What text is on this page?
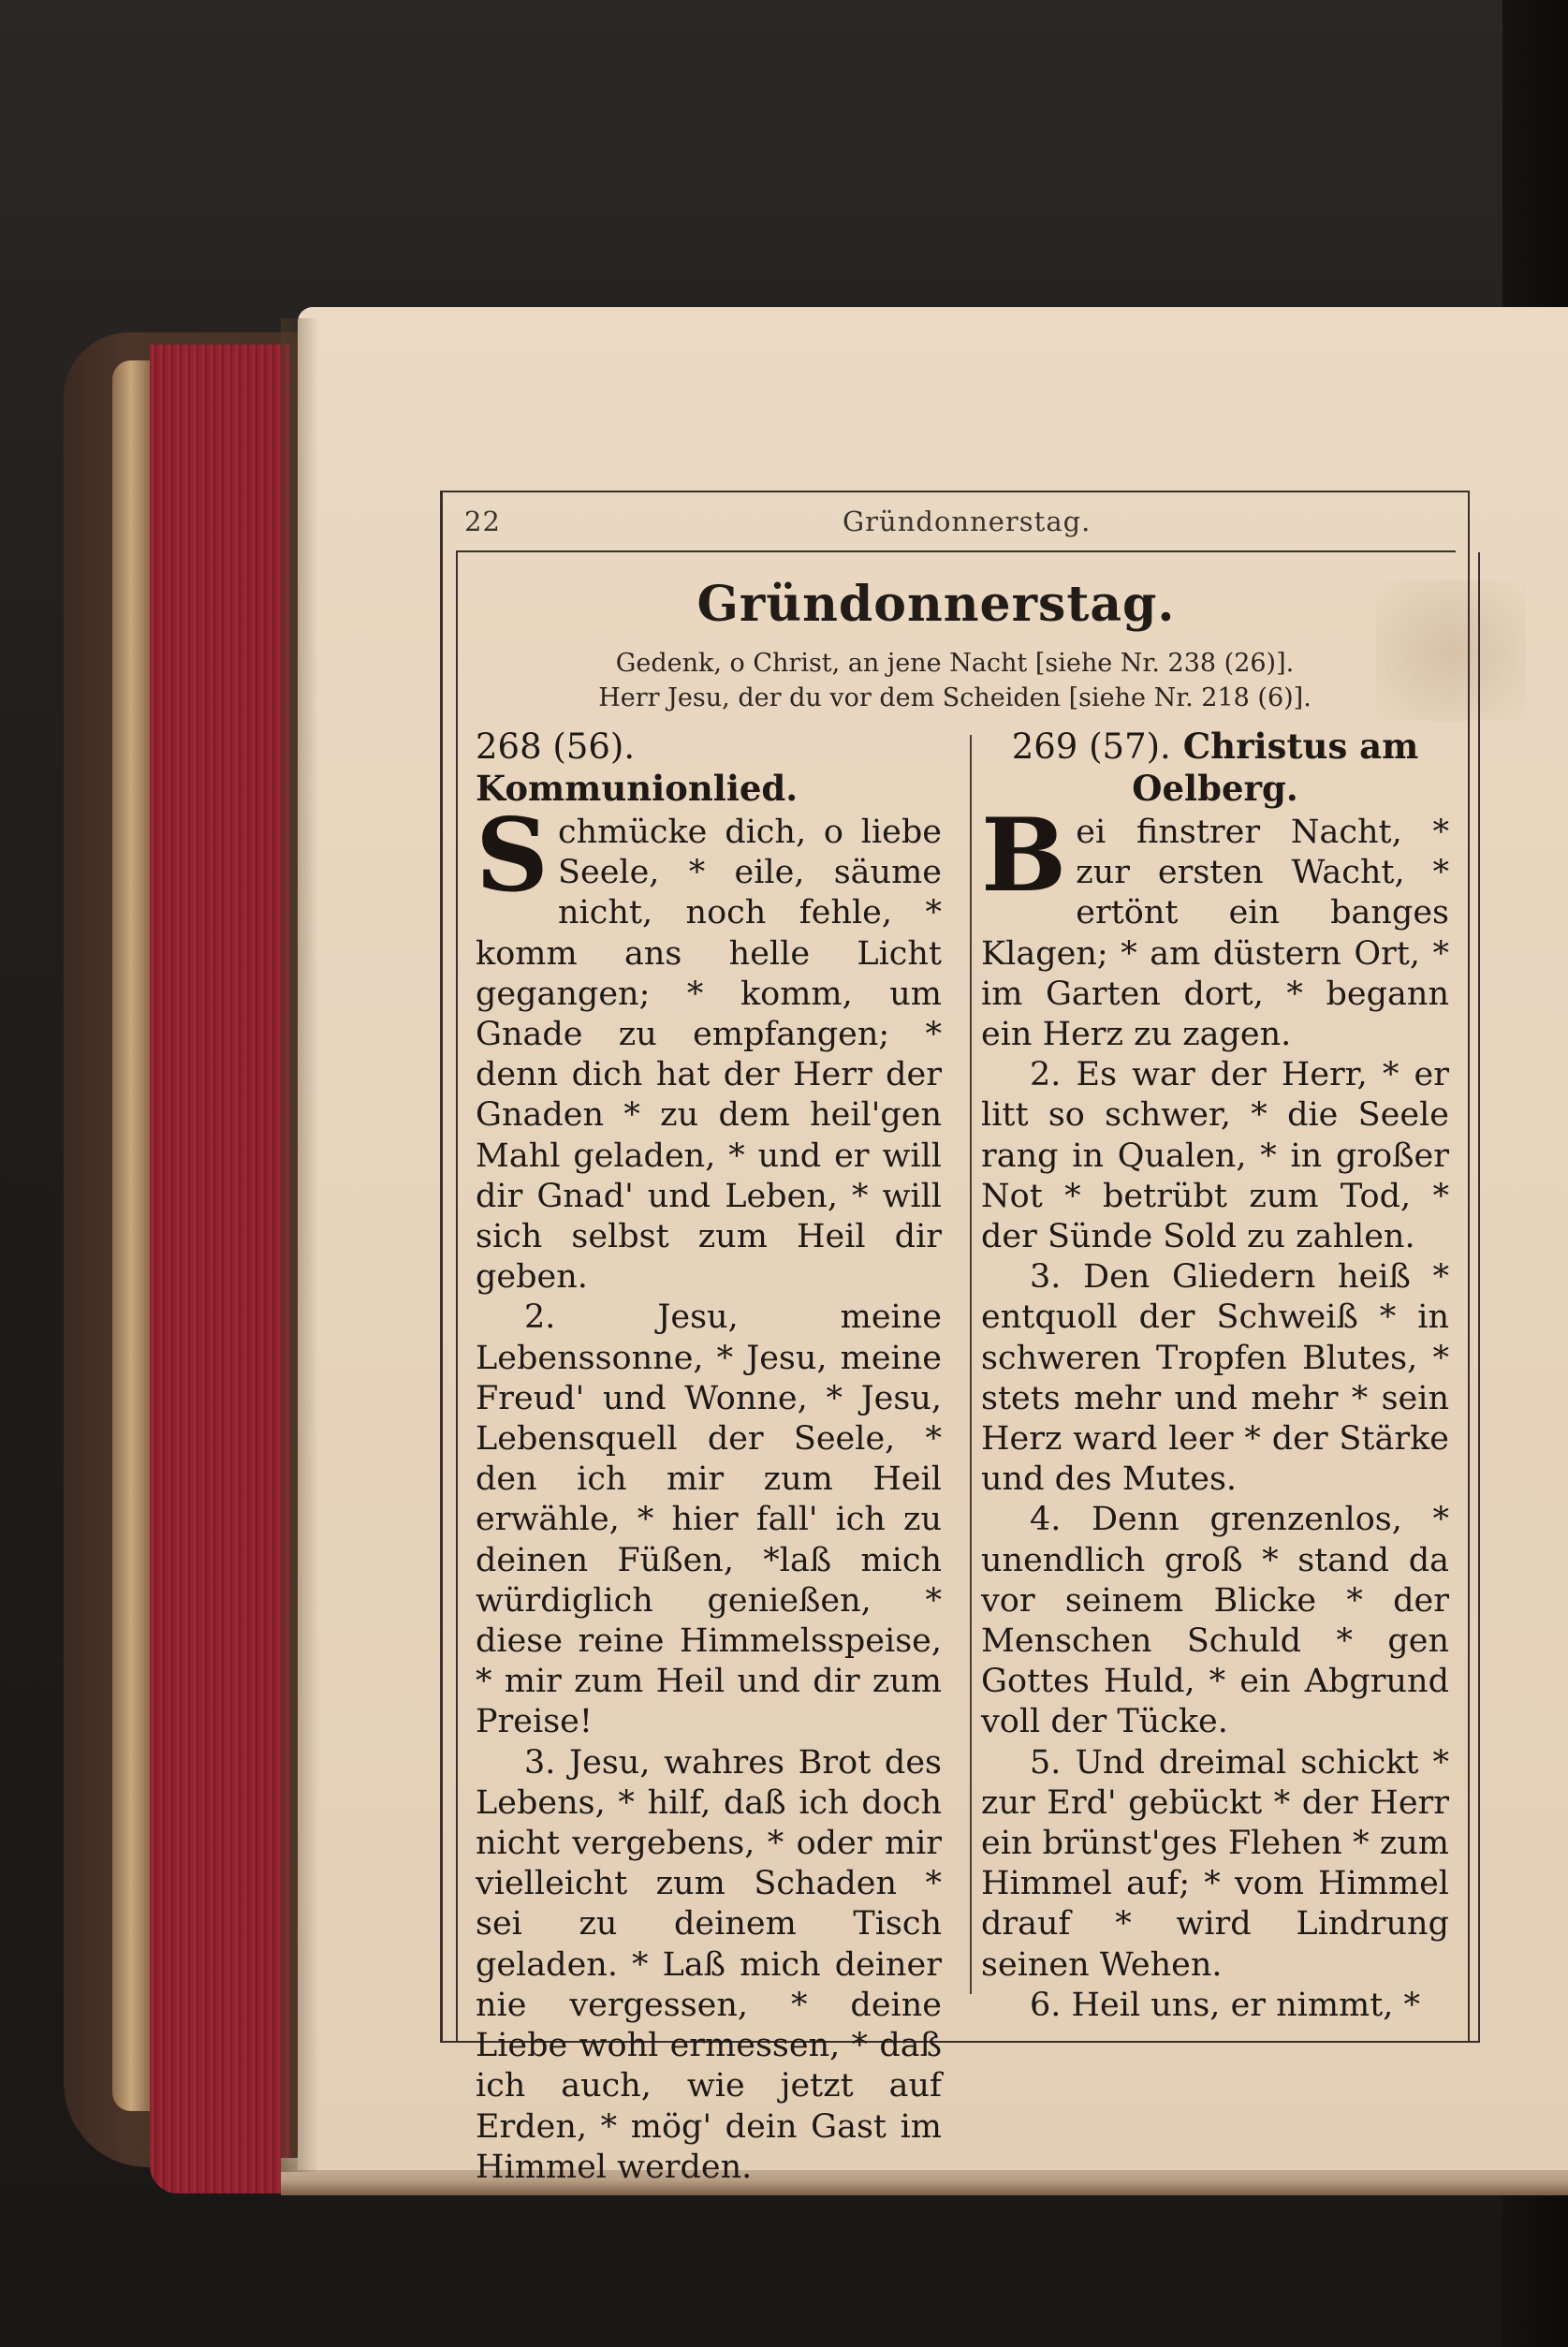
22	Gründonnerstag.
Gründonnerstag.
Gedenk, o Christ, an jene Nacht [siehe Nr. 238 (26)].
Herr Jesu, der du vor dem Scheiden [siehe Nr. 218 (6)].
268 (56). Kommunionlied.

Schmücke dich, o liebe Seele, * eile, säume nicht, noch fehle, * komm ans helle Licht gegangen; * komm, um Gnade zu empfangen; * denn dich hat der Herr der Gnaden * zu dem heil'gen Mahl geladen, * und er will dir Gnad' und Leben, * will sich selbst zum Heil dir geben.

2. Jesu, meine Lebenssonne, * Jesu, meine Freud' und Wonne, * Jesu, Lebensquell der Seele, * den ich mir zum Heil erwähle, * hier fall' ich zu deinen Füßen, *laß mich würdiglich genießen, * diese reine Himmelsspeise, * mir zum Heil und dir zum Preise!

3. Jesu, wahres Brot des Lebens, * hilf, daß ich doch nicht vergebens, * oder mir vielleicht zum Schaden * sei zu deinem Tisch geladen. * Laß mich deiner nie vergessen, * deine Liebe wohl ermessen, * daß ich auch, wie jetzt auf Erden, * mög' dein Gast im Himmel werden.

269 (57). Christus am Oelberg.

Bei finstrer Nacht, * zur ersten Wacht, * ertönt ein banges Klagen; * am düstern Ort, * im Garten dort, * begann ein Herz zu zagen.

2. Es war der Herr, * er litt so schwer, * die Seele rang in Qualen, * in großer Not * betrübt zum Tod, * der Sünde Sold zu zahlen.

3. Den Gliedern heiß * entquoll der Schweiß * in schweren Tropfen Blutes, * stets mehr und mehr * sein Herz ward leer * der Stärke und des Mutes.

4. Denn grenzenlos, * unendlich groß * stand da vor seinem Blicke * der Menschen Schuld * gen Gottes Huld, * ein Abgrund voll der Tücke.

5. Und dreimal schickt * zur Erd' gebückt * der Herr ein brünst'ges Flehen * zum Himmel auf; * vom Himmel drauf * wird Lindrung seinen Wehen.

6. Heil uns, er nimmt, *
